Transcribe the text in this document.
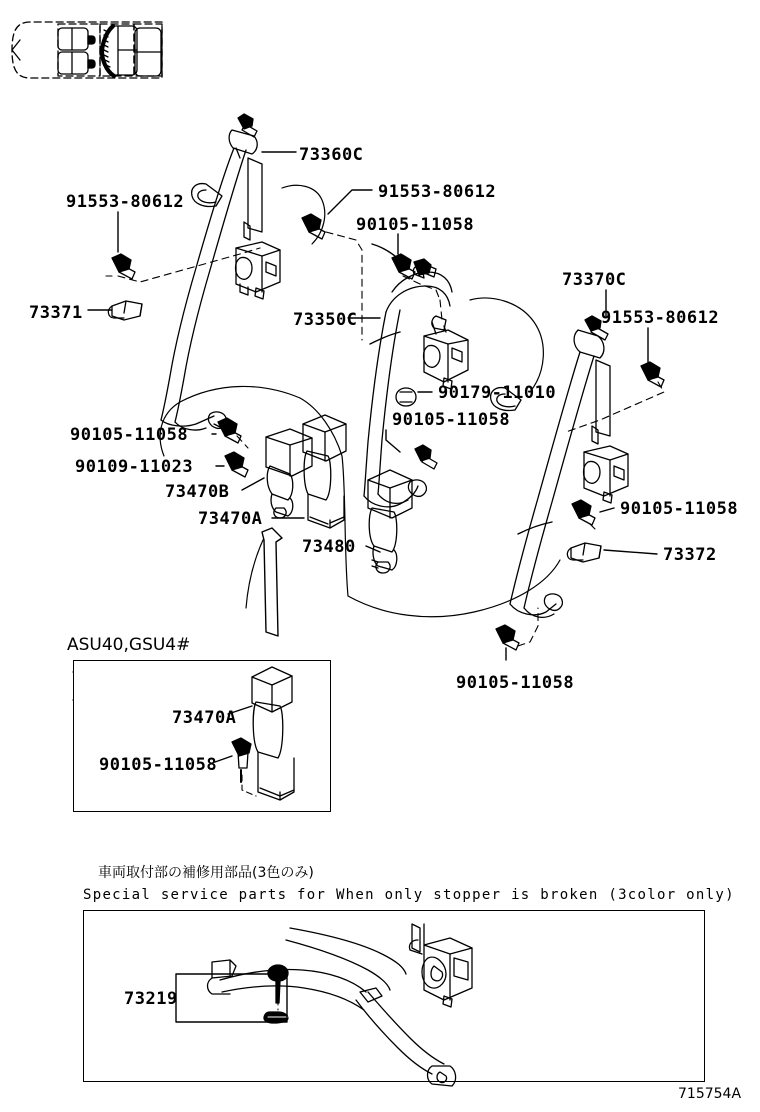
73360C
91553-80612	91553-80612
90105-11058
73371	73350C
73370C
91553-80612
90179-11010
90105-11058
90105-11058
90109-11023
73470B
73470A
73480
90105-11058
73372
90105-11058
ASU40,GSU4#
73470A
90105-11058
車両取付部の補修用部品(3色のみ)
Special service parts for When only stopper is broken (3color only)
73219
715754A
